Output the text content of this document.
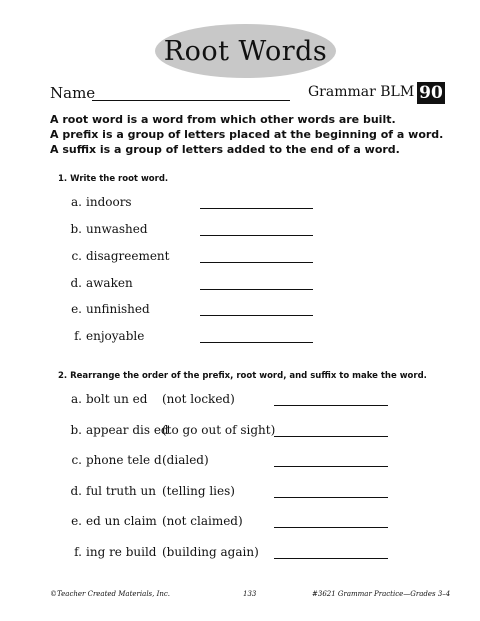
Root Words
Name	Grammar BLM 90
A root word is a word from which other words are built.
A prefix is a group of letters placed at the beginning of a word.
A suffix is a group of letters added to the end of a word.
1. Write the root word.
a. indoors
b. unwashed
c. disagreement
d. awaken
e. unfinished
f. enjoyable
2. Rearrange the order of the prefix, root word, and suffix to make the word.
a. bolt un ed (not locked)
b. appear dis ed
(to go out of sight)
c. phone tele d (dialed)
d. ful truth un (telling lies)
e. ed un claim (not claimed)
f. ing re build (building again)
©Teacher Created Materials, Inc.	133	#3621 Grammar Practice—Grades 3–4
